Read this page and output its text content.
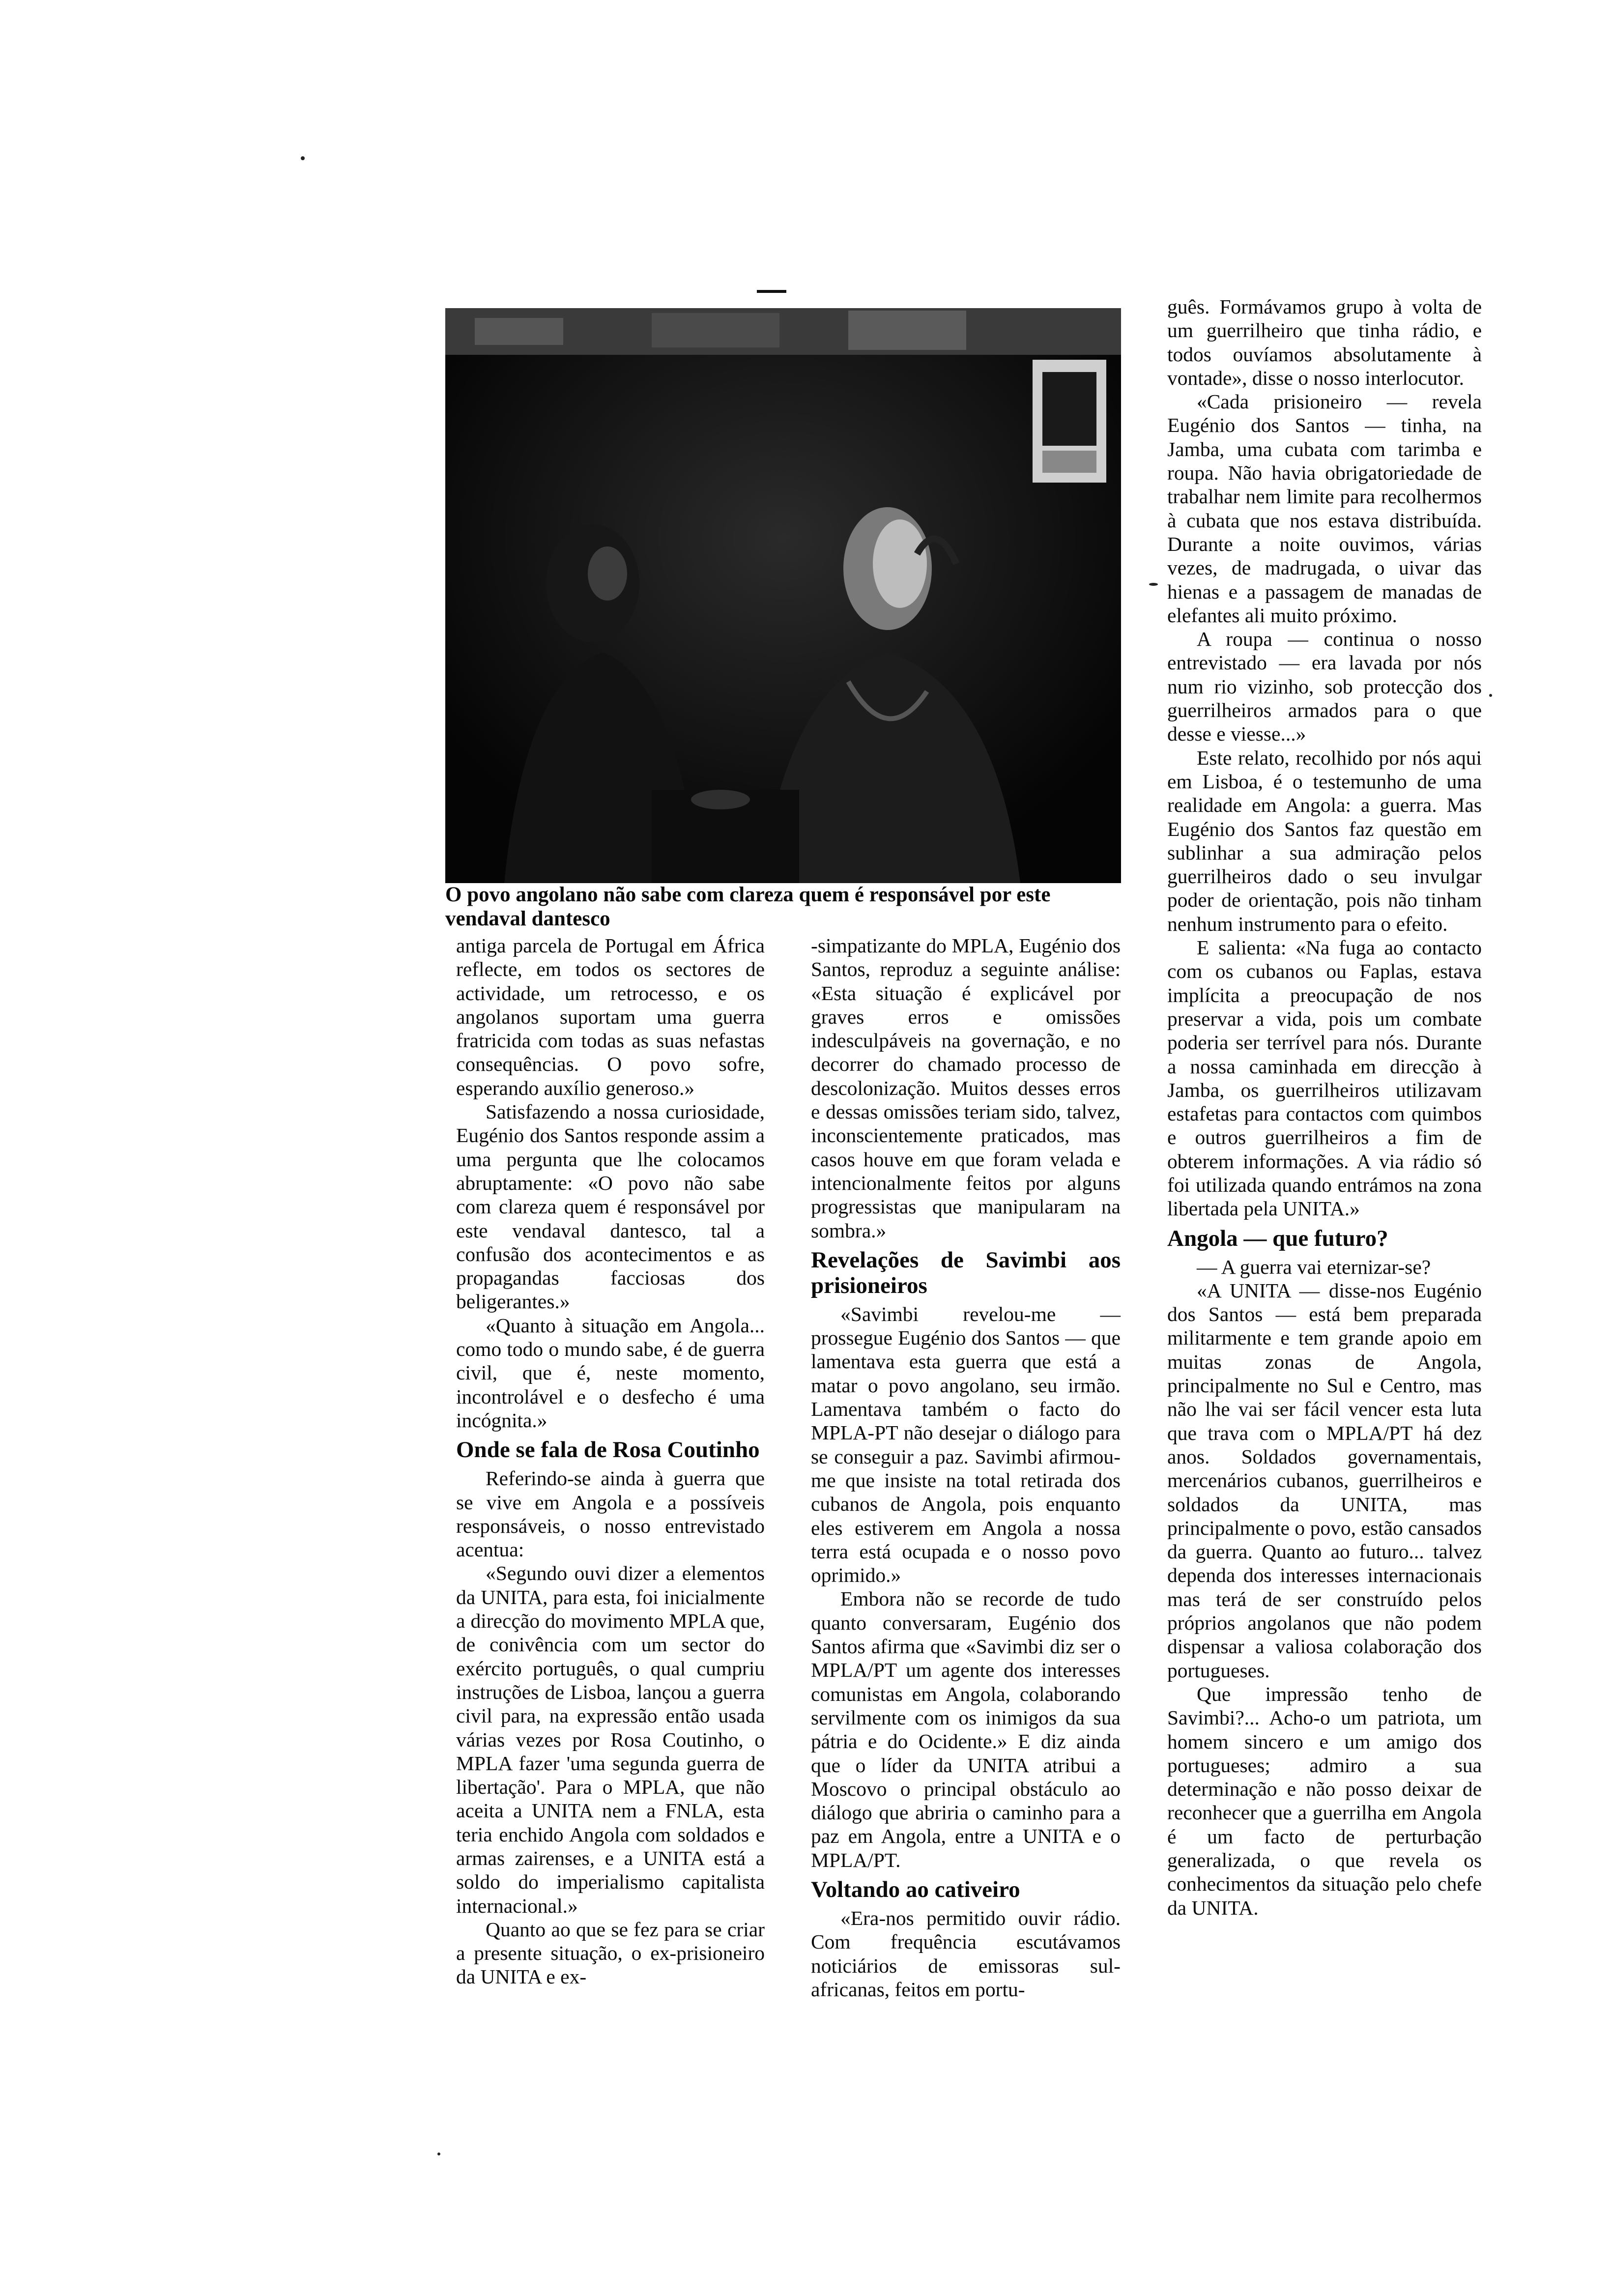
O povo angolano não sabe com clareza quem é responsável por este vendaval dantesco

antiga parcela de Portugal em África reflecte, em todos os sectores de actividade, um retrocesso, e os angolanos suportam uma guerra fratricida com todas as suas nefastas consequências. O povo sofre, esperando auxílio generoso.»

Satisfazendo a nossa curiosidade, Eugénio dos Santos responde assim a uma pergunta que lhe colocamos abruptamente: «O povo não sabe com clareza quem é responsável por este vendaval dantesco, tal a confusão dos acontecimentos e as propagandas facciosas dos beligerantes.»

«Quanto à situação em Angola... como todo o mundo sabe, é de guerra civil, que é, neste momento, incontrolável e o desfecho é uma incógnita.»

Onde se fala de Rosa Coutinho

Referindo-se ainda à guerra que se vive em Angola e a possíveis responsáveis, o nosso entrevistado acentua:

«Segundo ouvi dizer a elementos da UNITA, para esta, foi inicialmente a direcção do movimento MPLA que, de conivência com um sector do exército português, o qual cumpriu instruções de Lisboa, lançou a guerra civil para, na expressão então usada várias vezes por Rosa Coutinho, o MPLA fazer 'uma segunda guerra de libertação'. Para o MPLA, que não aceita a UNITA nem a FNLA, esta teria enchido Angola com soldados e armas zairenses, e a UNITA está a soldo do imperialismo capitalista internacional.»

Quanto ao que se fez para se criar a presente situação, o ex-prisioneiro da UNITA e ex-

-simpatizante do MPLA, Eugénio dos Santos, reproduz a seguinte análise: «Esta situação é explicável por graves erros e omissões indesculpáveis na governação, e no decorrer do chamado processo de descolonização. Muitos desses erros e dessas omissões teriam sido, talvez, inconscientemente praticados, mas casos houve em que foram velada e intencionalmente feitos por alguns progressistas que manipularam na sombra.»

Revelações de Savimbi aos prisioneiros

«Savimbi revelou-me — prossegue Eugénio dos Santos — que lamentava esta guerra que está a matar o povo angolano, seu irmão. Lamentava também o facto do MPLA-PT não desejar o diálogo para se conseguir a paz. Savimbi afirmou-me que insiste na total retirada dos cubanos de Angola, pois enquanto eles estiverem em Angola a nossa terra está ocupada e o nosso povo oprimido.»

Embora não se recorde de tudo quanto conversaram, Eugénio dos Santos afirma que «Savimbi diz ser o MPLA/PT um agente dos interesses comunistas em Angola, colaborando servilmente com os inimigos da sua pátria e do Ocidente.» E diz ainda que o líder da UNITA atribui a Moscovo o principal obstáculo ao diálogo que abriria o caminho para a paz em Angola, entre a UNITA e o MPLA/PT.

Voltando ao cativeiro

«Era-nos permitido ouvir rádio. Com frequência escutávamos noticiários de emissoras sul-africanas, feitos em portu-

guês. Formávamos grupo à volta de um guerrilheiro que tinha rádio, e todos ouvíamos absolutamente à vontade», disse o nosso interlocutor.

«Cada prisioneiro — revela Eugénio dos Santos — tinha, na Jamba, uma cubata com tarimba e roupa. Não havia obrigatoriedade de trabalhar nem limite para recolhermos à cubata que nos estava distribuída. Durante a noite ouvimos, várias vezes, de madrugada, o uivar das hienas e a passagem de manadas de elefantes ali muito próximo.

A roupa — continua o nosso entrevistado — era lavada por nós num rio vizinho, sob protecção dos guerrilheiros armados para o que desse e viesse...»

Este relato, recolhido por nós aqui em Lisboa, é o testemunho de uma realidade em Angola: a guerra. Mas Eugénio dos Santos faz questão em sublinhar a sua admiração pelos guerrilheiros dado o seu invulgar poder de orientação, pois não tinham nenhum instrumento para o efeito.

E salienta: «Na fuga ao contacto com os cubanos ou Faplas, estava implícita a preocupação de nos preservar a vida, pois um combate poderia ser terrível para nós. Durante a nossa caminhada em direcção à Jamba, os guerrilheiros utilizavam estafetas para contactos com quimbos e outros guerrilheiros a fim de obterem informações. A via rádio só foi utilizada quando entrámos na zona libertada pela UNITA.»

Angola — que futuro?

— A guerra vai eternizar-se?

«A UNITA — disse-nos Eugénio dos Santos — está bem preparada militarmente e tem grande apoio em muitas zonas de Angola, principalmente no Sul e Centro, mas não lhe vai ser fácil vencer esta luta que trava com o MPLA/PT há dez anos. Soldados governamentais, mercenários cubanos, guerrilheiros e soldados da UNITA, mas principalmente o povo, estão cansados da guerra. Quanto ao futuro... talvez dependa dos interesses internacionais mas terá de ser construído pelos próprios angolanos que não podem dispensar a valiosa colaboração dos portugueses.

Que impressão tenho de Savimbi?... Acho-o um patriota, um homem sincero e um amigo dos portugueses; admiro a sua determinação e não posso deixar de reconhecer que a guerrilha em Angola é um facto de perturbação generalizada, o que revela os conhecimentos da situação pelo chefe da UNITA.
